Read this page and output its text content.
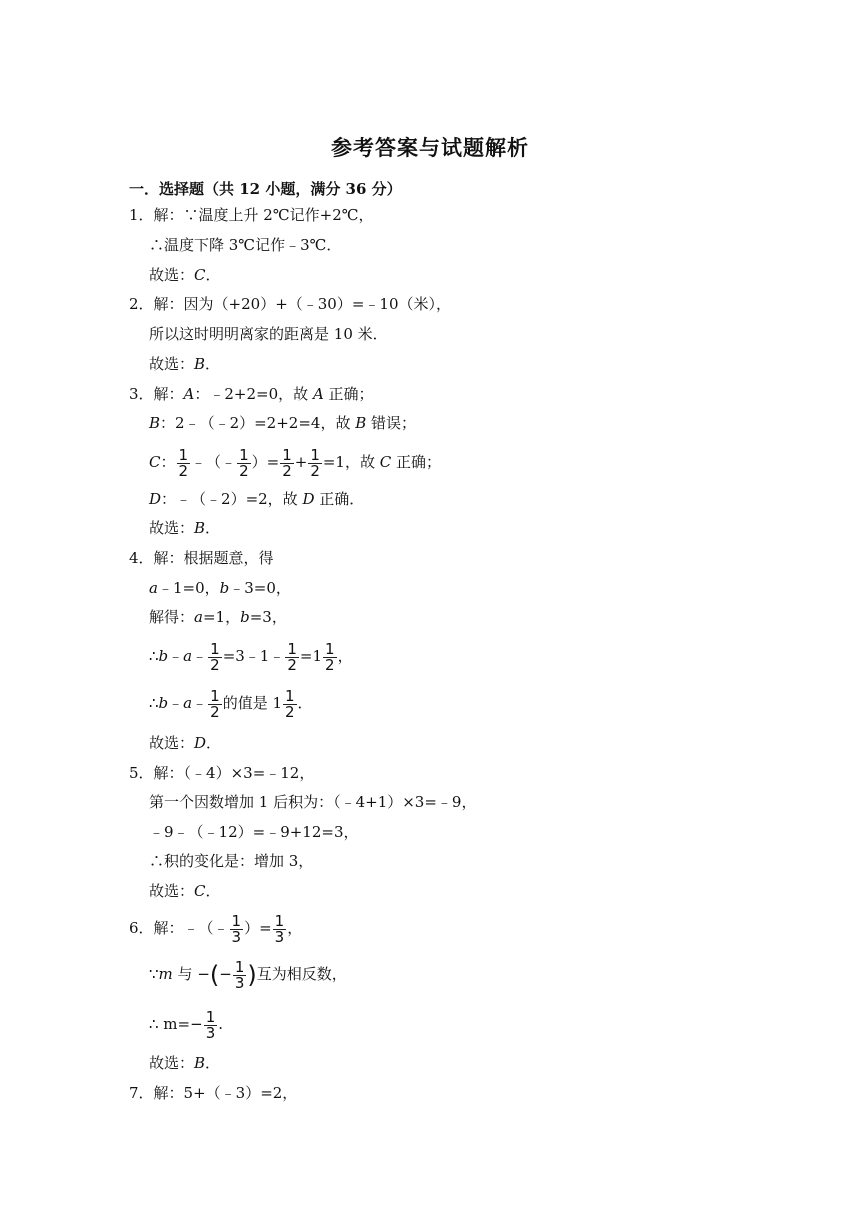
参考答案与试题解析
一．选择题（共 12 小题，满分 36 分）
1．解：∵温度上升 2℃记作+2℃，
∴温度下降 3℃记作﹣3℃．
故选：C．
2．解：因为（+20）+（﹣30）=﹣10（米），
所以这时明明离家的距离是 10 米．
故选：B．
3．解：A：﹣2+2=0，故 A 正确；
B：2﹣（﹣2）=2+2=4，故 B 错误；
C： $\frac{1}{2}$ ﹣（﹣ $\frac{1}{2}$ ）= $\frac{1}{2} + \frac{1}{2} =1$，故 C 正确；
D：﹣（﹣2）=2，故 D 正确．
故选：B．
4．解：根据题意，得
a﹣1=0，b﹣3=0，
解得：a=1，b=3，
∴b﹣a﹣ $\frac{1}{2}$ =3﹣1﹣ $\frac{1}{2} =1 \frac{1}{2}$ ，
∴b﹣a﹣ $\frac{1}{2}$ 的值是 $1 \frac{1}{2}$ ．
故选：D．
5．解：（﹣4）×3=﹣12，
第一个因数增加 1 后积为：（﹣4+1）×3=﹣9，
﹣9﹣（﹣12）=﹣9+12=3，
∴积的变化是：增加 3，
故选：C．
6．解：﹣（﹣ $\frac{1}{3}$ ）= $\frac{1}{3}$ ，
∵m 与 −(− $\frac{1}{3}$ )互为相反数，
∴ $m=- \frac{1}{3}$ .
故选：B．
7．解：5+（﹣3）=2，
